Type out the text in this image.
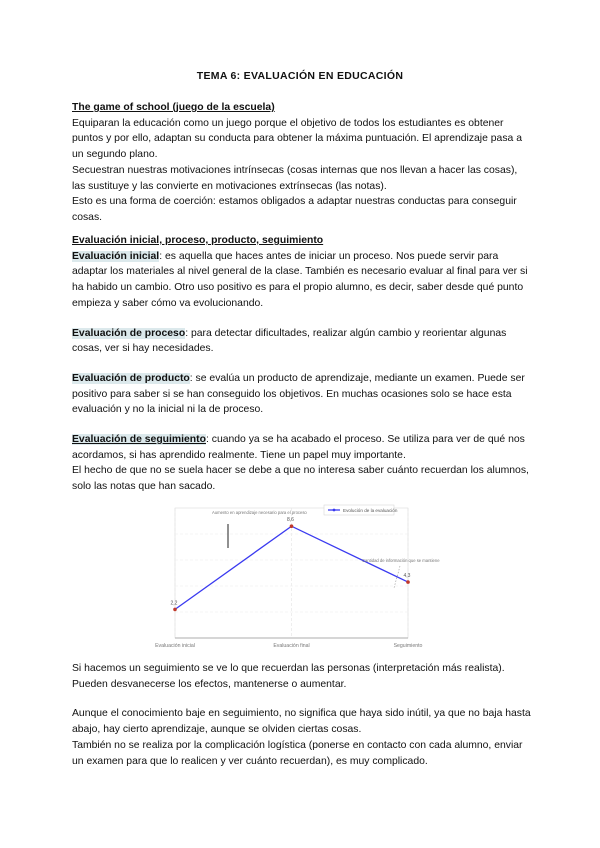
TEMA 6: EVALUACIÓN EN EDUCACIÓN

The game of school (juego de la escuela)

Equiparan la educación como un juego porque el objetivo de todos los estudiantes es obtener puntos y por ello, adaptan su conducta para obtener la máxima puntuación. El aprendizaje pasa a un segundo plano.

Secuestran nuestras motivaciones intrínsecas (cosas internas que nos llevan a hacer las cosas), las sustituye y las convierte en motivaciones extrínsecas (las notas).

Esto es una forma de coerción: estamos obligados a adaptar nuestras conductas para conseguir cosas.

Evaluación inicial, proceso, producto, seguimiento

Evaluación inicial: es aquella que haces antes de iniciar un proceso. Nos puede servir para adaptar los materiales al nivel general de la clase. También es necesario evaluar al final para ver si ha habido un cambio. Otro uso positivo es para el propio alumno, es decir, saber desde qué punto empieza y saber cómo va evolucionando.

Evaluación de proceso: para detectar dificultades, realizar algún cambio y reorientar algunas cosas, ver si hay necesidades.

Evaluación de producto: se evalúa un producto de aprendizaje, mediante un examen. Puede ser positivo para saber si se han conseguido los objetivos. En muchas ocasiones solo se hace esta evaluación y no la inicial ni la de proceso.

Evaluación de seguimiento: cuando ya se ha acabado el proceso. Se utiliza para ver de qué nos acordamos, si has aprendido realmente. Tiene un papel muy importante.

El hecho de que no se suela hacer se debe a que no interesa saber cuánto recuerdan los alumnos, solo las notas que han sacado.

2,2
8,6
4,3
Evaluación inicial	Evaluación final	Seguimiento
Aumento en aprendizaje necesario para el proceso
Cantidad de información que se mantiene
Evolución de la evaluación

Si hacemos un seguimiento se ve lo que recuerdan las personas (interpretación más realista). Pueden desvanecerse los efectos, mantenerse o aumentar.

Aunque el conocimiento baje en seguimiento, no significa que haya sido inútil, ya que no baja hasta abajo, hay cierto aprendizaje, aunque se olviden ciertas cosas.

También no se realiza por la complicación logística (ponerse en contacto con cada alumno, enviar un examen para que lo realicen y ver cuánto recuerdan), es muy complicado.
